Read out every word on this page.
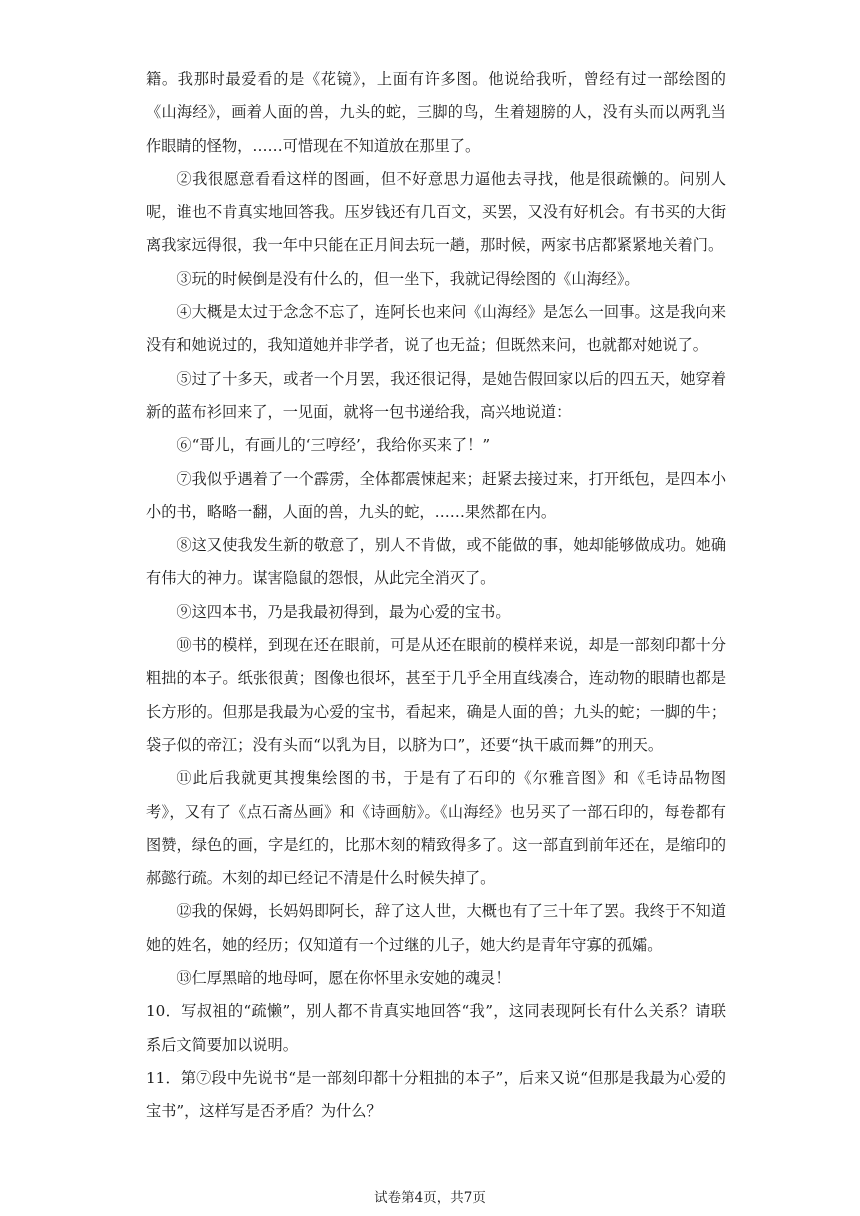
籍。我那时最爱看的是《花镜》，上面有许多图。他说给我听，曾经有过一部绘图的《山海经》，画着人面的兽，九头的蛇，三脚的鸟，生着翅膀的人，没有头而以两乳当作眼睛的怪物，……可惜现在不知道放在那里了。

②我很愿意看看这样的图画，但不好意思力逼他去寻找，他是很疏懒的。问别人呢，谁也不肯真实地回答我。压岁钱还有几百文，买罢，又没有好机会。有书买的大街离我家远得很，我一年中只能在正月间去玩一趟，那时候，两家书店都紧紧地关着门。

③玩的时候倒是没有什么的，但一坐下，我就记得绘图的《山海经》。

④大概是太过于念念不忘了，连阿长也来问《山海经》是怎么一回事。这是我向来没有和她说过的，我知道她并非学者，说了也无益；但既然来问，也就都对她说了。

⑤过了十多天，或者一个月罢，我还很记得，是她告假回家以后的四五天，她穿着新的蓝布衫回来了，一见面，就将一包书递给我，高兴地说道：

⑥“哥儿，有画儿的‘三哼经’，我给你买来了！”

⑦我似乎遇着了一个霹雳，全体都震悚起来；赶紧去接过来，打开纸包，是四本小小的书，略略一翻，人面的兽，九头的蛇，……果然都在内。

⑧这又使我发生新的敬意了，别人不肯做，或不能做的事，她却能够做成功。她确有伟大的神力。谋害隐鼠的怨恨，从此完全消灭了。

⑨这四本书，乃是我最初得到，最为心爱的宝书。

⑩书的模样，到现在还在眼前，可是从还在眼前的模样来说，却是一部刻印都十分粗拙的本子。纸张很黄；图像也很坏，甚至于几乎全用直线凑合，连动物的眼睛也都是长方形的。但那是我最为心爱的宝书，看起来，确是人面的兽；九头的蛇；一脚的牛；袋子似的帝江；没有头而“以乳为目，以脐为口”，还要“执干戚而舞”的刑天。

⑪此后我就更其搜集绘图的书，于是有了石印的《尔雅音图》和《毛诗品物图考》，又有了《点石斋丛画》和《诗画舫》。《山海经》也另买了一部石印的，每卷都有图赞，绿色的画，字是红的，比那木刻的精致得多了。这一部直到前年还在，是缩印的郝懿行疏。木刻的却已经记不清是什么时候失掉了。

⑫我的保姆，长妈妈即阿长，辞了这人世，大概也有了三十年了罢。我终于不知道她的姓名，她的经历；仅知道有一个过继的儿子，她大约是青年守寡的孤孀。

⑬仁厚黑暗的地母呵，愿在你怀里永安她的魂灵！

10．写叔祖的“疏懒”，别人都不肯真实地回答“我”，这同表现阿长有什么关系？请联系后文简要加以说明。

11．第⑦段中先说书“是一部刻印都十分粗拙的本子”，后来又说“但那是我最为心爱的宝书”，这样写是否矛盾？为什么？

试卷第4页，共7页
